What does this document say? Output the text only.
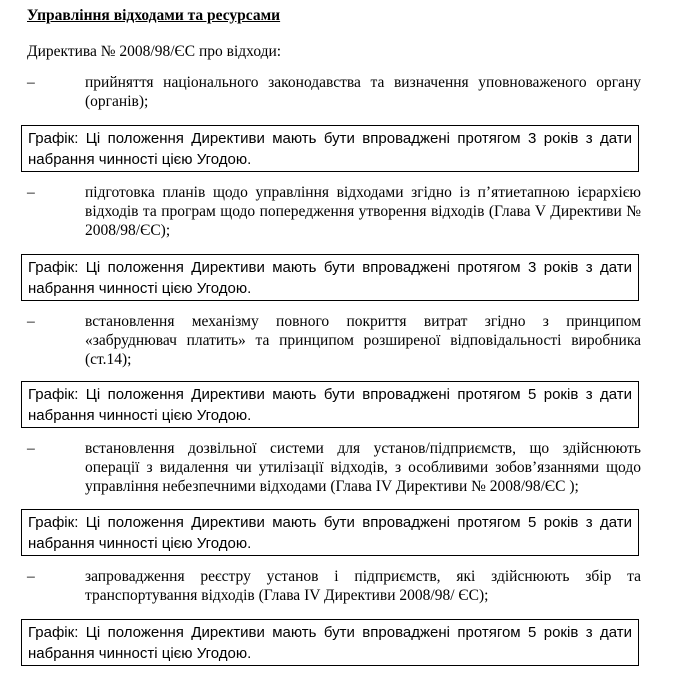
Управління відходами та ресурсами
Директива № 2008/98/ЄС про відходи:
–	прийняття національного законодавства та визначення уповноваженого органу (органів);
Графік: Ці положення Директиви мають бути впроваджені протягом 3 років з дати набрання чинності цією Угодою.
–	підготовка планів щодо управління відходами згідно із п’ятиетапною ієрархією відходів та програм щодо попередження утворення відходів (Глава V Директиви № 2008/98/ЄС);
Графік: Ці положення Директиви мають бути впроваджені протягом 3 років з дати набрання чинності цією Угодою.
–	встановлення механізму повного покриття витрат згідно з принципом «забруднювач платить» та принципом розширеної відповідальності виробника (ст.14);
Графік: Ці положення Директиви мають бути впроваджені протягом 5 років з дати набрання чинності цією Угодою.
–	встановлення дозвільної системи для установ/підприємств, що здійснюють операції з видалення чи утилізації відходів, з особливими зобов’язаннями щодо управління небезпечними відходами (Глава IV Директиви № 2008/98/ЄС );
Графік: Ці положення Директиви мають бути впроваджені протягом 5 років з дати набрання чинності цією Угодою.
–	запровадження реєстру установ і підприємств, які здійснюють збір та транспортування відходів (Глава IV Директиви 2008/98/ ЄС);
Графік: Ці положення Директиви мають бути впроваджені протягом 5 років з дати набрання чинності цією Угодою.
